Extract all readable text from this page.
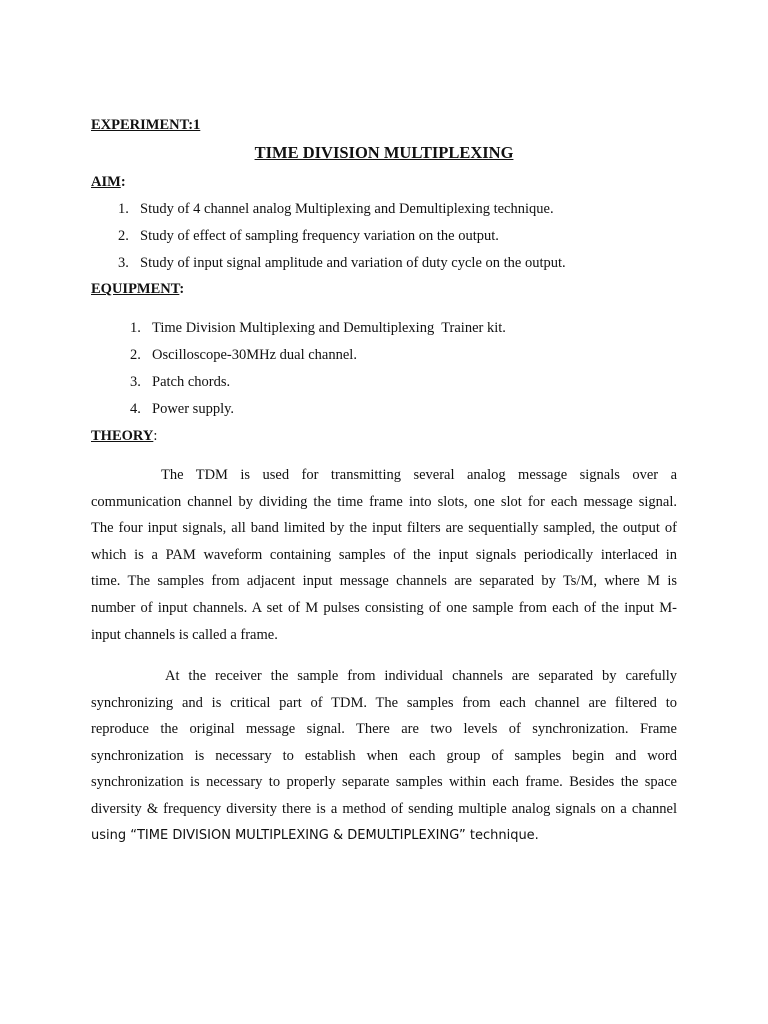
EXPERIMENT:1
TIME DIVISION MULTIPLEXING
AIM:
1. Study of 4 channel analog Multiplexing and Demultiplexing technique.
2. Study of effect of sampling frequency variation on the output.
3. Study of input signal amplitude and variation of duty cycle on the output.
EQUIPMENT:
1. Time Division Multiplexing and Demultiplexing  Trainer kit.
2. Oscilloscope-30MHz dual channel.
3. Patch chords.
4. Power supply.
THEORY:
The TDM is used for transmitting several analog message signals over a
communication channel by dividing the time frame into slots, one slot for each message signal.
The four input signals, all band limited by the input filters are sequentially sampled, the output of
which is a PAM waveform containing samples of the input signals periodically interlaced in
time. The samples from adjacent input message channels are separated by Ts/M, where M is
number of input channels. A set of M pulses consisting of one sample from each of the input M-
input channels is called a frame.
At the receiver the sample from individual channels are separated by carefully
synchronizing and is critical part of TDM. The samples from each channel are filtered to
reproduce the original message signal. There are two levels of synchronization. Frame
synchronization is necessary to establish when each group of samples begin and word
synchronization is necessary to properly separate samples within each frame. Besides the space
diversity & frequency diversity there is a method of sending multiple analog signals on a channel
using “TIME DIVISION MULTIPLEXING & DEMULTIPLEXING” technique.
